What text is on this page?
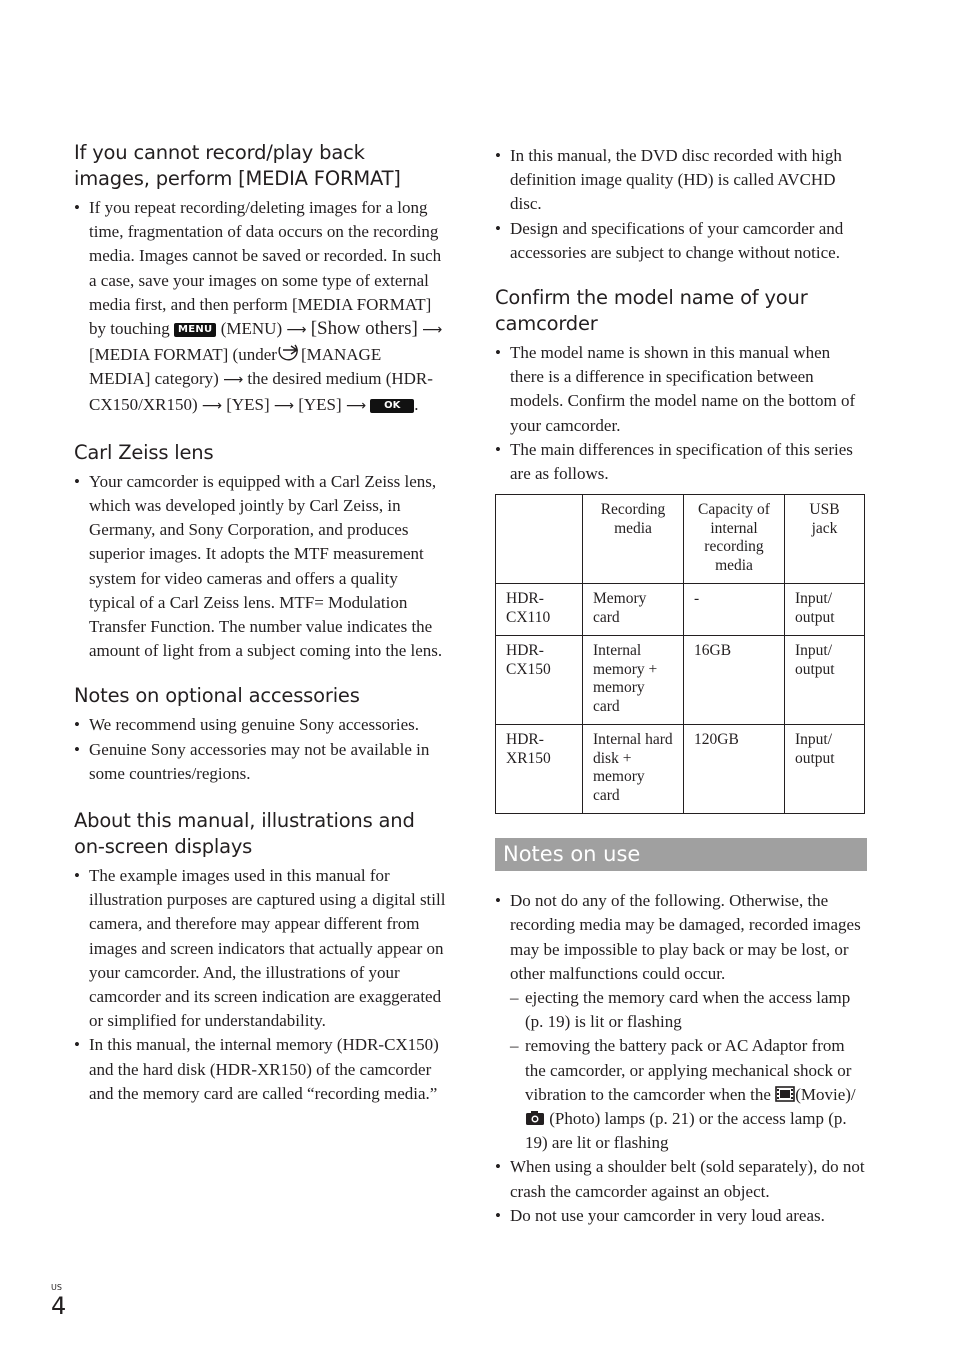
If you cannot record/play back images, perform [MEDIA FORMAT]
• If you repeat recording/deleting images for a long time, fragmentation of data occurs on the recording media. Images cannot be saved or recorded. In such a case, save your images on some type of external media first, and then perform [MEDIA FORMAT] by touching MENU (MENU) ⟶ [Show others] ⟶ [MEDIA FORMAT] (under [MANAGE MEDIA] category) ⟶ the desired medium (HDR-CX150/XR150) ⟶ [YES] ⟶ [YES] ⟶ OK .
Carl Zeiss lens
• Your camcorder is equipped with a Carl Zeiss lens, which was developed jointly by Carl Zeiss, in Germany, and Sony Corporation, and produces superior images. It adopts the MTF measurement system for video cameras and offers a quality typical of a Carl Zeiss lens. MTF= Modulation Transfer Function. The number value indicates the amount of light from a subject coming into the lens.
Notes on optional accessories
• We recommend using genuine Sony accessories.
• Genuine Sony accessories may not be available in some countries/regions.
About this manual, illustrations and on-screen displays
• The example images used in this manual for illustration purposes are captured using a digital still camera, and therefore may appear different from images and screen indicators that actually appear on your camcorder. And, the illustrations of your camcorder and its screen indication are exaggerated or simplified for understandability.
• In this manual, the internal memory (HDR-CX150) and the hard disk (HDR-XR150) of the camcorder and the memory card are called “recording media.”
• In this manual, the DVD disc recorded with high definition image quality (HD) is called AVCHD disc.
• Design and specifications of your camcorder and accessories are subject to change without notice.
Confirm the model name of your camcorder
• The model name is shown in this manual when there is a difference in specification between models. Confirm the model name on the bottom of your camcorder.
• The main differences in specification of this series are as follows.
	Recording media	Capacity of internal recording media	USB jack
HDR-CX110	Memory card	-	Input/ output
HDR-CX150	Internal memory + memory card	16GB	Input/ output
HDR-XR150	Internal hard disk + memory card	120GB	Input/ output
Notes on use
• Do not do any of the following. Otherwise, the recording media may be damaged, recorded images may be impossible to play back or may be lost, or other malfunctions could occur.
– ejecting the memory card when the access lamp (p. 19) is lit or flashing
– removing the battery pack or AC Adaptor from the camcorder, or applying mechanical shock or vibration to the camcorder when the (Movie)/ (Photo) lamps (p. 21) or the access lamp (p. 19) are lit or flashing
• When using a shoulder belt (sold separately), do not crash the camcorder against an object.
• Do not use your camcorder in very loud areas.
US
4
